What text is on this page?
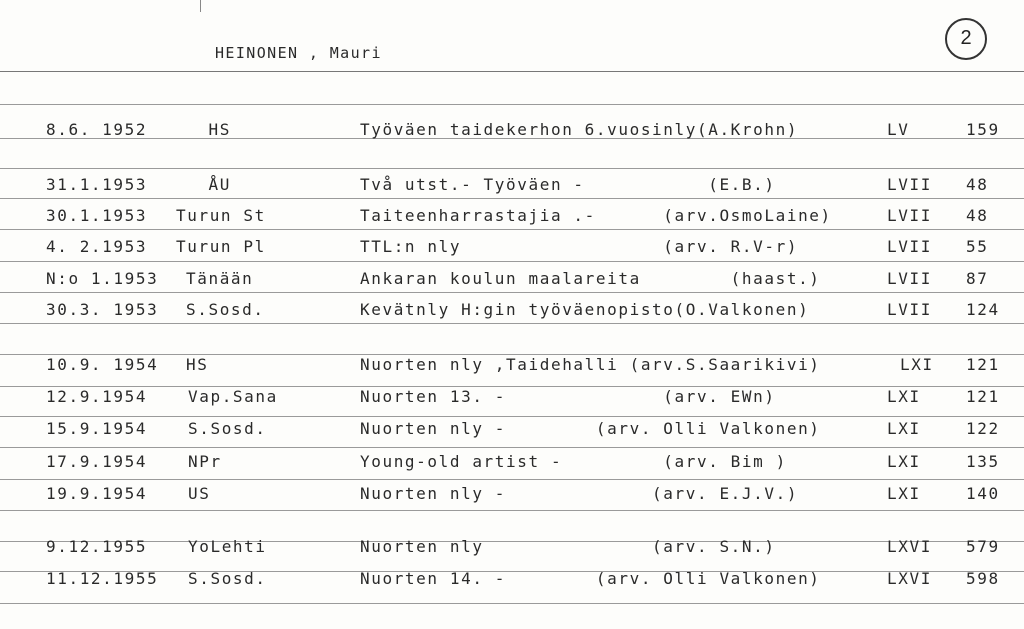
HEINONEN , Mauri
2
8.6. 1952 HS	Työväen taidekerhon 6.vuosinly(A.Krohn)	LV	159
31.1.1953 ÅU	Två utst.- Työväen -           (E.B.)	LVII 48
30.1.1953 Turun St	Taiteenharrastajia .-      (arv.OsmoLaine)	LVII 48
4. 2.1953 Turun Pl	TTL:n nly                  (arv. R.V-r)	LVII 55
N:o 1.1953 Tänään	Ankaran koulun maalareita        (haast.)	LVII 87
30.3. 1953 S.Sosd.	Kevätnly H:gin työväenopisto(O.Valkonen)	LVII 124
10.9. 1954 HS	Nuorten nly ,Taidehalli (arv.S.Saarikivi)	LXI 121
12.9.1954	Vap.Sana	Nuorten 13. -              (arv. EWn)	LXI	121
15.9.1954	S.Sosd.	Nuorten nly -        (arv. Olli Valkonen)	LXI	122
17.9.1954	NPr	Young-old artist -         (arv. Bim )	LXI	135
19.9.1954	US	Nuorten nly -             (arv. E.J.V.)	LXI	140
9.12.1955	YoLehti	Nuorten nly               (arv. S.N.)	LXVI 579
11.12.1955 S.Sosd.	Nuorten 14. -        (arv. Olli Valkonen)	LXVI 598
